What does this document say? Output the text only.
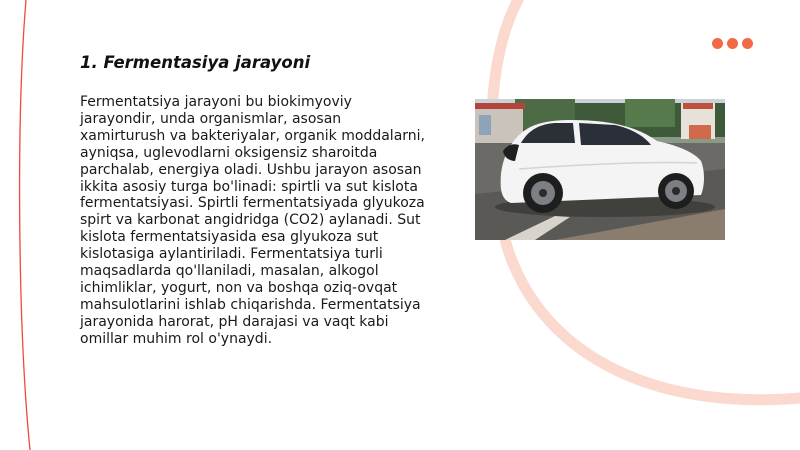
1. Fermentasiya jarayoni

Fermentatsiya jarayoni bu biokimyoviy jarayondir, unda organismlar, asosan xamirturush va bakteriyalar, organik moddalarni, ayniqsa, uglevodlarni oksigensiz sharoitda parchalab, energiya oladi. Ushbu jarayon asosan ikkita asosiy turga bo'linadi: spirtli va sut kislota fermentatsiyasi. Spirtli fermentatsiyada glyukoza spirt va karbonat angidridga (CO2) aylanadi. Sut kislota fermentatsiyasida esa glyukoza sut kislotasiga aylantiriladi. Fermentatsiya turli maqsadlarda qo'llaniladi, masalan, alkogol ichimliklar, yogurt, non va boshqa oziq-ovqat mahsulotlarini ishlab chiqarishda. Fermentatsiya jarayonida harorat, pH darajasi va vaqt kabi omillar muhim rol o'ynaydi.
